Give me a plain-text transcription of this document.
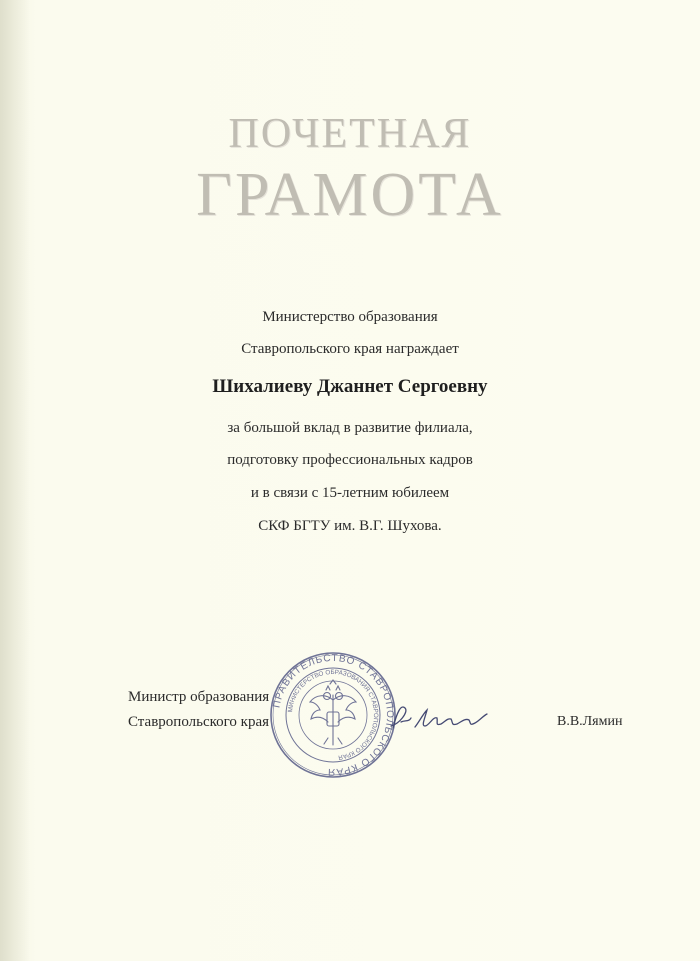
ПОЧЕТНАЯ
ГРАМОТА
Министерство образования
Ставропольского края награждает
Шихалиеву Джаннет Сергоевну
за большой вклад в развитие филиала,
подготовку профессиональных кадров
и в связи с 15-летним юбилеем
СКФ БГТУ им. В.Г. Шухова.
Министр образования
Ставропольского края
ПРАВИТЕЛЬСТВО СТАВРОПОЛЬСКОГО КРАЯ
МИНИСТЕРСТВО ОБРАЗОВАНИЯ СТАВРОПОЛЬСКОГО КРАЯ
В.В.Лямин
